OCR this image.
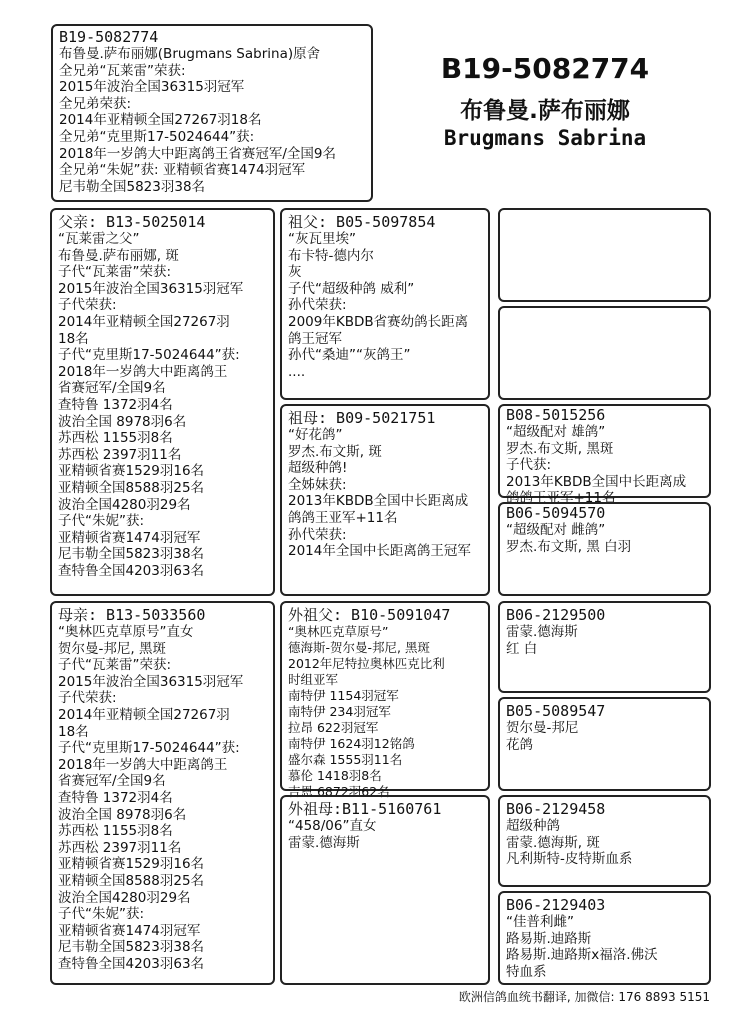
B19-5082774
布鲁曼.萨布丽娜
Brugmans Sabrina
B19-5082774
布鲁曼.萨布丽娜(Brugmans Sabrina)原舍
全兄弟“瓦莱雷”荣获:
2015年波治全国36315羽冠军
全兄弟荣获:
2014年亚精顿全国27267羽18名
全兄弟“克里斯17-5024644”获:
2018年一岁鸽大中距离鸽王省赛冠军/全国9名
全兄弟“朱妮”获: 亚精顿省赛1474羽冠军
尼韦勒全国5823羽38名
父亲: B13-5025014
“瓦莱雷之父”
布鲁曼.萨布丽娜, 斑
子代“瓦莱雷”荣获:
2015年波治全国36315羽冠军
子代荣获:
2014年亚精顿全国27267羽
18名
子代“克里斯17-5024644”获:
2018年一岁鸽大中距离鸽王
省赛冠军/全国9名
查特鲁 1372羽4名
波治全国 8978羽6名
苏西松 1155羽8名
苏西松 2397羽11名
亚精顿省赛1529羽16名
亚精顿全国8588羽25名
波治全国4280羽29名
子代“朱妮”获:
亚精顿省赛1474羽冠军
尼韦勒全国5823羽38名
查特鲁全国4203羽63名
母亲: B13-5033560
“奥林匹克草原号”直女
贺尔曼-邦尼, 黑斑
子代“瓦莱雷”荣获:
2015年波治全国36315羽冠军
子代荣获:
2014年亚精顿全国27267羽
18名
子代“克里斯17-5024644”获:
2018年一岁鸽大中距离鸽王
省赛冠军/全国9名
查特鲁 1372羽4名
波治全国 8978羽6名
苏西松 1155羽8名
苏西松 2397羽11名
亚精顿省赛1529羽16名
亚精顿全国8588羽25名
波治全国4280羽29名
子代“朱妮”获:
亚精顿省赛1474羽冠军
尼韦勒全国5823羽38名
查特鲁全国4203羽63名
祖父: B05-5097854
“灰瓦里埃”
布卡特-德内尔
灰
子代“超级种鸽 威利”
孙代荣获:
2009年KBDB省赛幼鸽长距离
鸽王冠军
孙代“桑迪”“灰鸽王”
....
祖母: B09-5021751
“好花鸽”
罗杰.布文斯, 斑
超级种鸽!
全姊妹获:
2013年KBDB全国中长距离成
鸽鸽王亚军+11名
孙代荣获:
2014年全国中长距离鸽王冠军
外祖父: B10-5091047
“奥林匹克草原号”
德海斯-贺尔曼-邦尼, 黑斑
2012年尼特拉奥林匹克比利
时组亚军
南特伊 1154羽冠军
南特伊 234羽冠军
拉昂 622羽冠军
南特伊 1624羽12铭鸽
盛尔森 1555羽11名
慕伦 1418羽8名
吉恩 6872羽62名
外祖母:B11-5160761
“458/06”直女
雷蒙.德海斯
B08-5015256
“超级配对 雄鸽”
罗杰.布文斯, 黑斑
子代获:
2013年KBDB全国中长距离成
鸽鸽王亚军+11名
B06-5094570
“超级配对 雌鸽”
罗杰.布文斯, 黑 白羽
B06-2129500
雷蒙.德海斯
红 白
B05-5089547
贺尔曼-邦尼
花鸽
B06-2129458
超级种鸽
雷蒙.德海斯, 斑
凡利斯特-皮特斯血系
B06-2129403
“佳普利雌”
路易斯.迪路斯
路易斯.迪路斯x福洛.佛沃
特血系
欧洲信鸽血统书翻译, 加微信: 176 8893 5151
